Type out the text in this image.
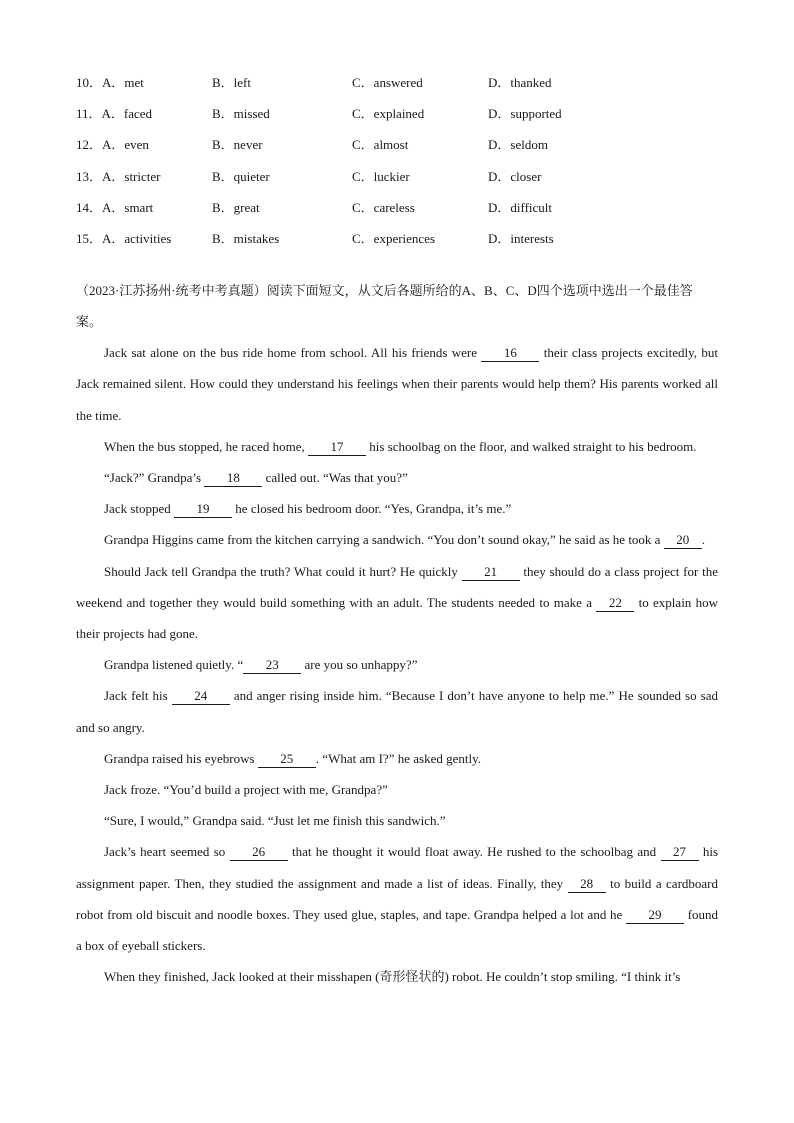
10．A．met	B．left	C．answered	D．thanked
11．A．faced	B．missed	C．explained	D．supported
12．A．even	B．never	C．almost	D．seldom
13．A．stricter	B．quieter	C．luckier	D．closer
14．A．smart	B．great	C．careless	D．difficult
15．A．activities	B．mistakes	C．experiences	D．interests
（2023·江苏扬州·统考中考真题）阅读下面短文，从文后各题所给的A、B、C、D四个选项中选出一个最佳答案。

Jack sat alone on the bus ride home from school. All his friends were 16 their class projects excitedly, but Jack remained silent. How could they understand his feelings when their parents would help them? His parents worked all the time.

When the bus stopped, he raced home, 17 his schoolbag on the floor, and walked straight to his bedroom.

“Jack?” Grandpa’s 18 called out. “Was that you?”

Jack stopped 19 he closed his bedroom door. “Yes, Grandpa, it’s me.”

Grandpa Higgins came from the kitchen carrying a sandwich. “You don’t sound okay,” he said as he took a 20 .

Should Jack tell Grandpa the truth? What could it hurt? He quickly 21 they should do a class project for the weekend and together they would build something with an adult. The students needed to make a 22 to explain how their projects had gone.

Grandpa listened quietly. “ 23 are you so unhappy?”

Jack felt his 24 and anger rising inside him. “Because I don’t have anyone to help me.” He sounded so sad and so angry.

Grandpa raised his eyebrows 25 . “What am I?” he asked gently.

Jack froze. “You’d build a project with me, Grandpa?”

“Sure, I would,” Grandpa said. “Just let me finish this sandwich.”

Jack’s heart seemed so 26 that he thought it would float away. He rushed to the schoolbag and 27 his assignment paper. Then, they studied the assignment and made a list of ideas. Finally, they 28 to build a cardboard robot from old biscuit and noodle boxes. They used glue, staples, and tape. Grandpa helped a lot and he 29 found a box of eyeball stickers.

When they finished, Jack looked at their misshapen (奇形怪状的) robot. He couldn’t stop smiling. “I think it’s
